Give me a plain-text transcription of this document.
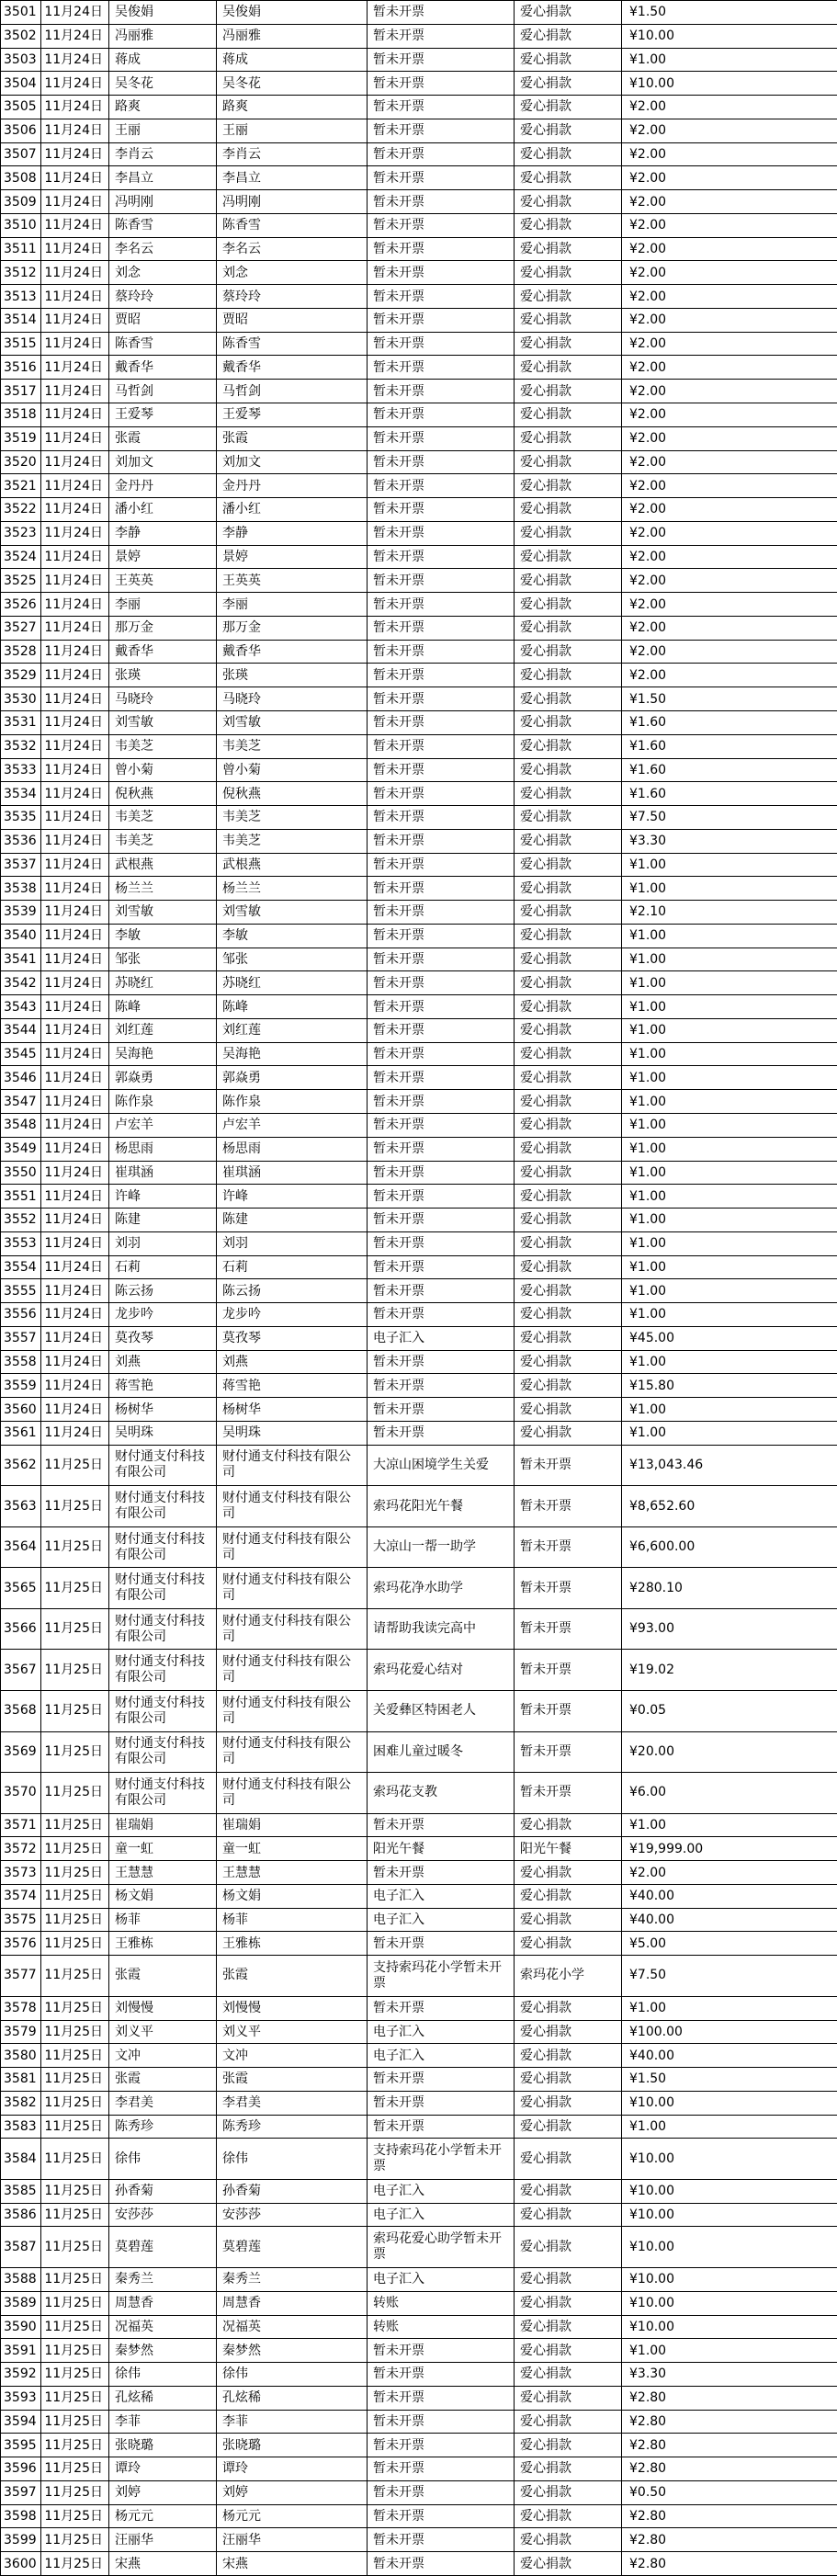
3501	11月24日	吴俊娟	吴俊娟	暂未开票	爱心捐款	¥1.50
3502	11月24日	冯丽雅	冯丽雅	暂未开票	爱心捐款	¥10.00
3503	11月24日	蒋成	蒋成	暂未开票	爱心捐款	¥1.00
3504	11月24日	吴冬花	吴冬花	暂未开票	爱心捐款	¥10.00
3505	11月24日	路爽	路爽	暂未开票	爱心捐款	¥2.00
3506	11月24日	王丽	王丽	暂未开票	爱心捐款	¥2.00
3507	11月24日	李肖云	李肖云	暂未开票	爱心捐款	¥2.00
3508	11月24日	李昌立	李昌立	暂未开票	爱心捐款	¥2.00
3509	11月24日	冯明刚	冯明刚	暂未开票	爱心捐款	¥2.00
3510	11月24日	陈香雪	陈香雪	暂未开票	爱心捐款	¥2.00
3511	11月24日	李名云	李名云	暂未开票	爱心捐款	¥2.00
3512	11月24日	刘念	刘念	暂未开票	爱心捐款	¥2.00
3513	11月24日	蔡玲玲	蔡玲玲	暂未开票	爱心捐款	¥2.00
3514	11月24日	贾昭	贾昭	暂未开票	爱心捐款	¥2.00
3515	11月24日	陈香雪	陈香雪	暂未开票	爱心捐款	¥2.00
3516	11月24日	戴香华	戴香华	暂未开票	爱心捐款	¥2.00
3517	11月24日	马哲剑	马哲剑	暂未开票	爱心捐款	¥2.00
3518	11月24日	王爱琴	王爱琴	暂未开票	爱心捐款	¥2.00
3519	11月24日	张霞	张霞	暂未开票	爱心捐款	¥2.00
3520	11月24日	刘加文	刘加文	暂未开票	爱心捐款	¥2.00
3521	11月24日	金丹丹	金丹丹	暂未开票	爱心捐款	¥2.00
3522	11月24日	潘小红	潘小红	暂未开票	爱心捐款	¥2.00
3523	11月24日	李静	李静	暂未开票	爱心捐款	¥2.00
3524	11月24日	景婷	景婷	暂未开票	爱心捐款	¥2.00
3525	11月24日	王英英	王英英	暂未开票	爱心捐款	¥2.00
3526	11月24日	李丽	李丽	暂未开票	爱心捐款	¥2.00
3527	11月24日	那万金	那万金	暂未开票	爱心捐款	¥2.00
3528	11月24日	戴香华	戴香华	暂未开票	爱心捐款	¥2.00
3529	11月24日	张瑛	张瑛	暂未开票	爱心捐款	¥2.00
3530	11月24日	马晓玲	马晓玲	暂未开票	爱心捐款	¥1.50
3531	11月24日	刘雪敏	刘雪敏	暂未开票	爱心捐款	¥1.60
3532	11月24日	韦美芝	韦美芝	暂未开票	爱心捐款	¥1.60
3533	11月24日	曾小菊	曾小菊	暂未开票	爱心捐款	¥1.60
3534	11月24日	倪秋燕	倪秋燕	暂未开票	爱心捐款	¥1.60
3535	11月24日	韦美芝	韦美芝	暂未开票	爱心捐款	¥7.50
3536	11月24日	韦美芝	韦美芝	暂未开票	爱心捐款	¥3.30
3537	11月24日	武根燕	武根燕	暂未开票	爱心捐款	¥1.00
3538	11月24日	杨兰兰	杨兰兰	暂未开票	爱心捐款	¥1.00
3539	11月24日	刘雪敏	刘雪敏	暂未开票	爱心捐款	¥2.10
3540	11月24日	李敏	李敏	暂未开票	爱心捐款	¥1.00
3541	11月24日	邹张	邹张	暂未开票	爱心捐款	¥1.00
3542	11月24日	苏晓红	苏晓红	暂未开票	爱心捐款	¥1.00
3543	11月24日	陈峰	陈峰	暂未开票	爱心捐款	¥1.00
3544	11月24日	刘红莲	刘红莲	暂未开票	爱心捐款	¥1.00
3545	11月24日	吴海艳	吴海艳	暂未开票	爱心捐款	¥1.00
3546	11月24日	郭焱勇	郭焱勇	暂未开票	爱心捐款	¥1.00
3547	11月24日	陈作泉	陈作泉	暂未开票	爱心捐款	¥1.00
3548	11月24日	卢宏羊	卢宏羊	暂未开票	爱心捐款	¥1.00
3549	11月24日	杨思雨	杨思雨	暂未开票	爱心捐款	¥1.00
3550	11月24日	崔琪涵	崔琪涵	暂未开票	爱心捐款	¥1.00
3551	11月24日	许峰	许峰	暂未开票	爱心捐款	¥1.00
3552	11月24日	陈建	陈建	暂未开票	爱心捐款	¥1.00
3553	11月24日	刘羽	刘羽	暂未开票	爱心捐款	¥1.00
3554	11月24日	石莉	石莉	暂未开票	爱心捐款	¥1.00
3555	11月24日	陈云扬	陈云扬	暂未开票	爱心捐款	¥1.00
3556	11月24日	龙步吟	龙步吟	暂未开票	爱心捐款	¥1.00
3557	11月24日	莫孜琴	莫孜琴	电子汇入	爱心捐款	¥45.00
3558	11月24日	刘燕	刘燕	暂未开票	爱心捐款	¥1.00
3559	11月24日	蒋雪艳	蒋雪艳	暂未开票	爱心捐款	¥15.80
3560	11月24日	杨树华	杨树华	暂未开票	爱心捐款	¥1.00
3561	11月24日	吴明珠	吴明珠	暂未开票	爱心捐款	¥1.00
3562	11月25日	财付通支付科技有限公司	财付通支付科技有限公司	大凉山困境学生关爱	暂未开票	¥13,043.46
3563	11月25日	财付通支付科技有限公司	财付通支付科技有限公司	索玛花阳光午餐	暂未开票	¥8,652.60
3564	11月25日	财付通支付科技有限公司	财付通支付科技有限公司	大凉山一帮一助学	暂未开票	¥6,600.00
3565	11月25日	财付通支付科技有限公司	财付通支付科技有限公司	索玛花净水助学	暂未开票	¥280.10
3566	11月25日	财付通支付科技有限公司	财付通支付科技有限公司	请帮助我读完高中	暂未开票	¥93.00
3567	11月25日	财付通支付科技有限公司	财付通支付科技有限公司	索玛花爱心结对	暂未开票	¥19.02
3568	11月25日	财付通支付科技有限公司	财付通支付科技有限公司	关爱彝区特困老人	暂未开票	¥0.05
3569	11月25日	财付通支付科技有限公司	财付通支付科技有限公司	困难儿童过暖冬	暂未开票	¥20.00
3570	11月25日	财付通支付科技有限公司	财付通支付科技有限公司	索玛花支教	暂未开票	¥6.00
3571	11月25日	崔瑞娟	崔瑞娟	暂未开票	爱心捐款	¥1.00
3572	11月25日	童一虹	童一虹	阳光午餐	阳光午餐	¥19,999.00
3573	11月25日	王慧慧	王慧慧	暂未开票	爱心捐款	¥2.00
3574	11月25日	杨文娟	杨文娟	电子汇入	爱心捐款	¥40.00
3575	11月25日	杨菲	杨菲	电子汇入	爱心捐款	¥40.00
3576	11月25日	王雅栋	王雅栋	暂未开票	爱心捐款	¥5.00
3577	11月25日	张霞	张霞	支持索玛花小学暂未开票	索玛花小学	¥7.50
3578	11月25日	刘慢慢	刘慢慢	暂未开票	爱心捐款	¥1.00
3579	11月25日	刘义平	刘义平	电子汇入	爱心捐款	¥100.00
3580	11月25日	文冲	文冲	电子汇入	爱心捐款	¥40.00
3581	11月25日	张霞	张霞	暂未开票	爱心捐款	¥1.50
3582	11月25日	李君美	李君美	暂未开票	爱心捐款	¥10.00
3583	11月25日	陈秀珍	陈秀珍	暂未开票	爱心捐款	¥1.00
3584	11月25日	徐伟	徐伟	支持索玛花小学暂未开票	爱心捐款	¥10.00
3585	11月25日	孙香菊	孙香菊	电子汇入	爱心捐款	¥10.00
3586	11月25日	安莎莎	安莎莎	电子汇入	爱心捐款	¥10.00
3587	11月25日	莫碧莲	莫碧莲	索玛花爱心助学暂未开票	爱心捐款	¥10.00
3588	11月25日	秦秀兰	秦秀兰	电子汇入	爱心捐款	¥10.00
3589	11月25日	周慧香	周慧香	转账	爱心捐款	¥10.00
3590	11月25日	况福英	况福英	转账	爱心捐款	¥10.00
3591	11月25日	秦梦然	秦梦然	暂未开票	爱心捐款	¥1.00
3592	11月25日	徐伟	徐伟	暂未开票	爱心捐款	¥3.30
3593	11月25日	孔炫稀	孔炫稀	暂未开票	爱心捐款	¥2.80
3594	11月25日	李菲	李菲	暂未开票	爱心捐款	¥2.80
3595	11月25日	张晓璐	张晓璐	暂未开票	爱心捐款	¥2.80
3596	11月25日	谭玲	谭玲	暂未开票	爱心捐款	¥2.80
3597	11月25日	刘婷	刘婷	暂未开票	爱心捐款	¥0.50
3598	11月25日	杨元元	杨元元	暂未开票	爱心捐款	¥2.80
3599	11月25日	汪丽华	汪丽华	暂未开票	爱心捐款	¥2.80
3600	11月25日	宋燕	宋燕	暂未开票	爱心捐款	¥2.80
